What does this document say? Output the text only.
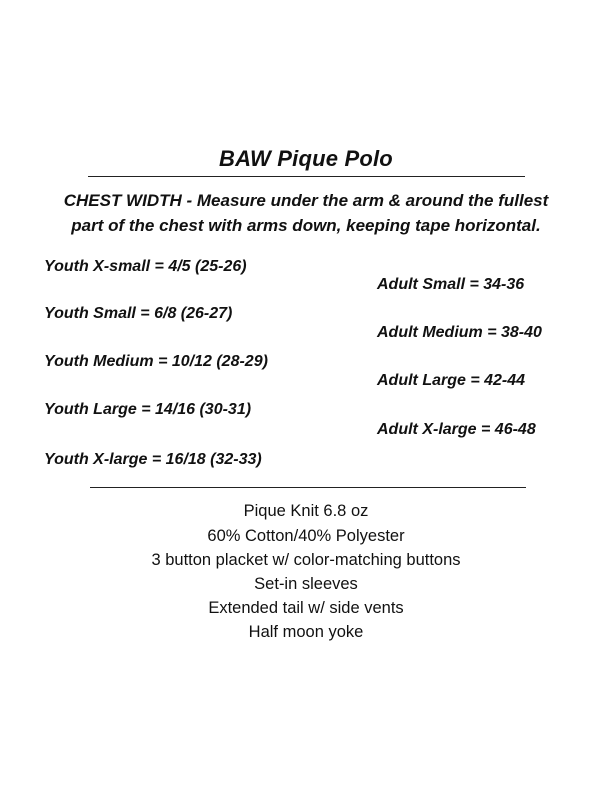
BAW Pique Polo
CHEST WIDTH - Measure under the arm & around the fullest
part of the chest with arms down, keeping tape horizontal.
Youth X-small = 4/5 (25-26)
Youth Small = 6/8 (26-27)
Youth Medium = 10/12 (28-29)
Youth Large = 14/16 (30-31)
Youth X-large = 16/18 (32-33)
Adult Small = 34-36
Adult Medium = 38-40
Adult Large = 42-44
Adult X-large = 46-48
Pique Knit 6.8 oz
60% Cotton/40% Polyester
3 button placket w/ color-matching buttons
Set-in sleeves
Extended tail w/ side vents
Half moon yoke
